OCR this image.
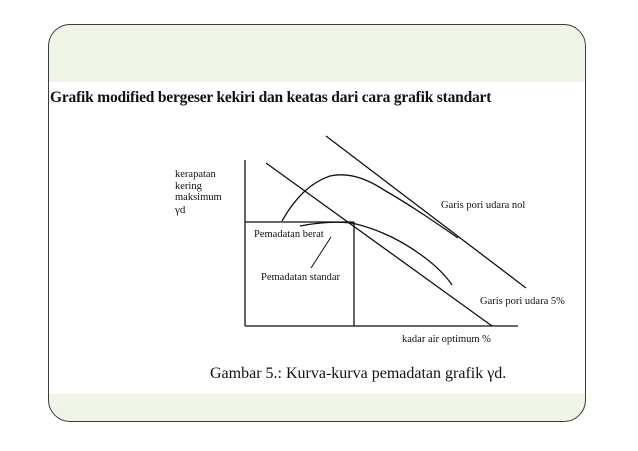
Grafik modified bergeser kekiri dan keatas dari cara grafik standart
kerapatan
kering
maksimum
γd
Pemadatan berat
Pemadatan standar
Garis pori udara nol
Garis pori udara 5%
kadar air optimum %
Gambar 5.: Kurva-kurva pemadatan grafik γd.
